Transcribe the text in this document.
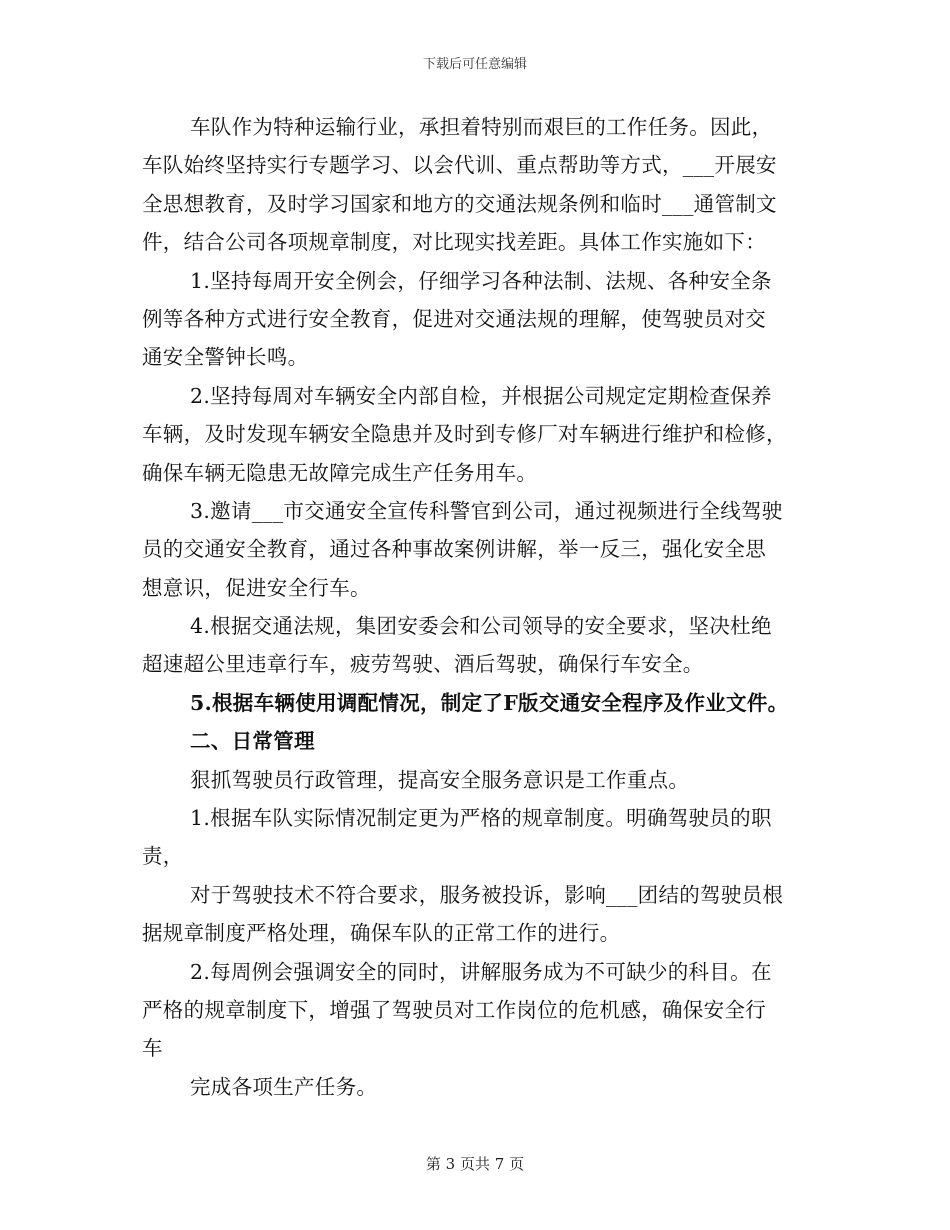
下载后可任意编辑
车队作为特种运输行业，承担着特别而艰巨的工作任务。因此，
车队始终坚持实行专题学习、以会代训、重点帮助等方式，___开展安
全思想教育，及时学习国家和地方的交通法规条例和临时___通管制文
件，结合公司各项规章制度，对比现实找差距。具体工作实施如下：
1.坚持每周开安全例会，仔细学习各种法制、法规、各种安全条
例等各种方式进行安全教育，促进对交通法规的理解，使驾驶员对交
通安全警钟长鸣。
2.坚持每周对车辆安全内部自检，并根据公司规定定期检查保养
车辆，及时发现车辆安全隐患并及时到专修厂对车辆进行维护和检修，
确保车辆无隐患无故障完成生产任务用车。
3.邀请___市交通安全宣传科警官到公司，通过视频进行全线驾驶
员的交通安全教育，通过各种事故案例讲解，举一反三，强化安全思
想意识，促进安全行车。
4.根据交通法规，集团安委会和公司领导的安全要求，坚决杜绝
超速超公里违章行车，疲劳驾驶、酒后驾驶，确保行车安全。
5.根据车辆使用调配情况，制定了F版交通安全程序及作业文件。
二、日常管理
狠抓驾驶员行政管理，提高安全服务意识是工作重点。
1.根据车队实际情况制定更为严格的规章制度。明确驾驶员的职
责，
对于驾驶技术不符合要求，服务被投诉，影响___团结的驾驶员根
据规章制度严格处理，确保车队的正常工作的进行。
2.每周例会强调安全的同时，讲解服务成为不可缺少的科目。在
严格的规章制度下，增强了驾驶员对工作岗位的危机感，确保安全行
车
完成各项生产任务。
第 3 页共 7 页
